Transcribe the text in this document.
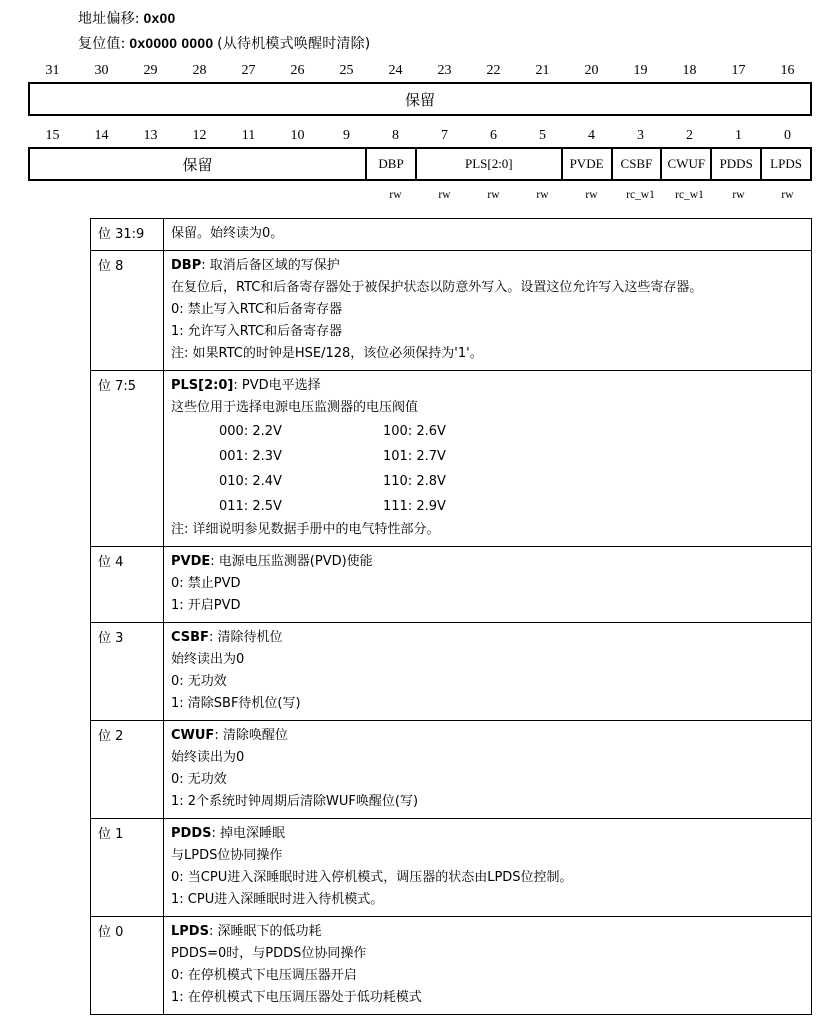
地址偏移: 0x00
复位值: 0x0000 0000 (从待机模式唤醒时清除)
31	30	29	28	27	26	25	24	23	22	21	20	19	18	17	16
保留
15	14	13	12	11	10	9	8	7	6	5	4	3	2	1	0
保留	DBP	PLS[2:0]	PVDE	CSBF	CWUF	PDDS	LPDS
rw	rw	rw	rw	rw	rc_w1	rc_w1	rw	rw
位 31:9	保留。始终读为0。

位 8	DBP: 取消后备区域的写保护
在复位后，RTC和后备寄存器处于被保护状态以防意外写入。设置这位允许写入这些寄存器。
0: 禁止写入RTC和后备寄存器
1: 允许写入RTC和后备寄存器
注: 如果RTC的时钟是HSE/128，该位必须保持为'1'。

位 7:5	PLS[2:0]: PVD电平选择
这些位用于选择电源电压监测器的电压阀值
000: 2.2V	100: 2.6V
001: 2.3V	101: 2.7V
010: 2.4V	110: 2.8V
011: 2.5V	111: 2.9V
注: 详细说明参见数据手册中的电气特性部分。

位 4	PVDE: 电源电压监测器(PVD)使能
0: 禁止PVD
1: 开启PVD

位 3	CSBF: 清除待机位
始终读出为0
0: 无功效
1: 清除SBF待机位(写)

位 2	CWUF: 清除唤醒位
始终读出为0
0: 无功效
1: 2个系统时钟周期后清除WUF唤醒位(写)

位 1	PDDS: 掉电深睡眠
与LPDS位协同操作
0: 当CPU进入深睡眠时进入停机模式，调压器的状态由LPDS位控制。
1: CPU进入深睡眠时进入待机模式。

位 0	LPDS: 深睡眠下的低功耗
PDDS=0时，与PDDS位协同操作
0: 在停机模式下电压调压器开启
1: 在停机模式下电压调压器处于低功耗模式
